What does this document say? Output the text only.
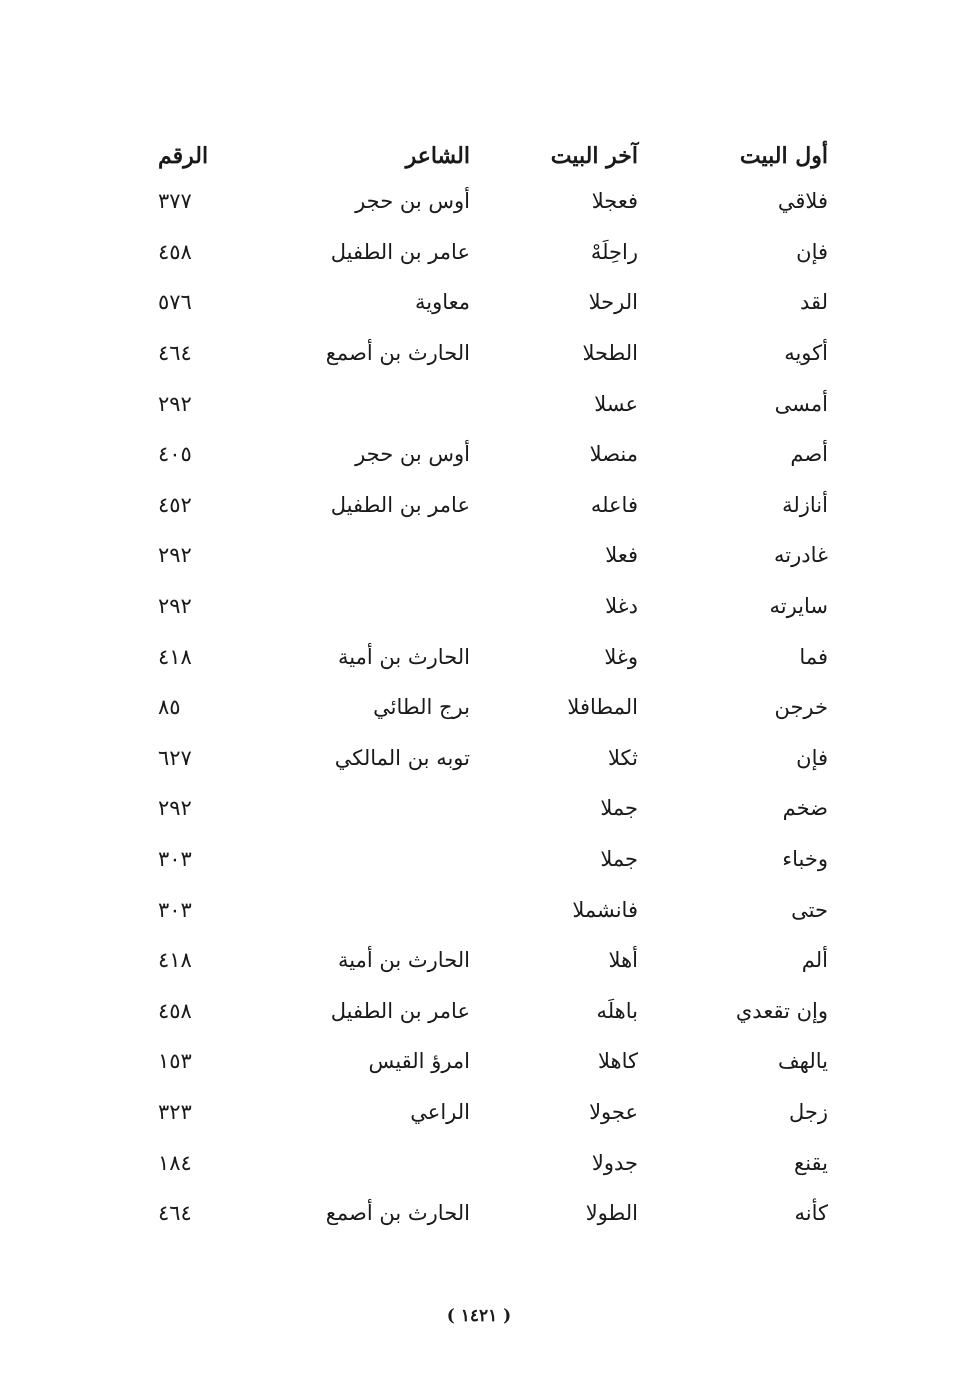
أول البيت
آخر البيت
الشاعر
الرقم
فلاقي
فعجلا
أوس بن حجر
٣٧٧
فإن
راحِلَهْ
عامر بن الطفيل
٤٥٨
لقد
الرحلا
معاوية
٥٧٦
أكويه
الطحلا
الحارث بن أصمع
٤٦٤
أمسى
عسلا
٢٩٢
أصم
منصلا
أوس بن حجر
٤٠٥
أنازلة
فاعله
عامر بن الطفيل
٤٥٢
غادرته
فعلا
٢٩٢
سايرته
دغلا
٢٩٢
فما
وغلا
الحارث بن أمية
٤١٨
خرجن
المطافلا
برج الطائي
٨٥
فإن
ثكلا
توبه بن المالكي
٦٢٧
ضخم
جملا
٢٩٢
وخباء
جملا
٣٠٣
حتى
فانشملا
٣٠٣
ألم
أهلا
الحارث بن أمية
٤١٨
وإن تقعدي
باهلَه
عامر بن الطفيل
٤٥٨
يالهف
كاهلا
امرؤ القيس
١٥٣
زجل
عجولا
الراعي
٣٢٣
يقنع
جدولا
١٨٤
كأنه
الطولا
الحارث بن أصمع
٤٦٤
( ١٤٢١ )
